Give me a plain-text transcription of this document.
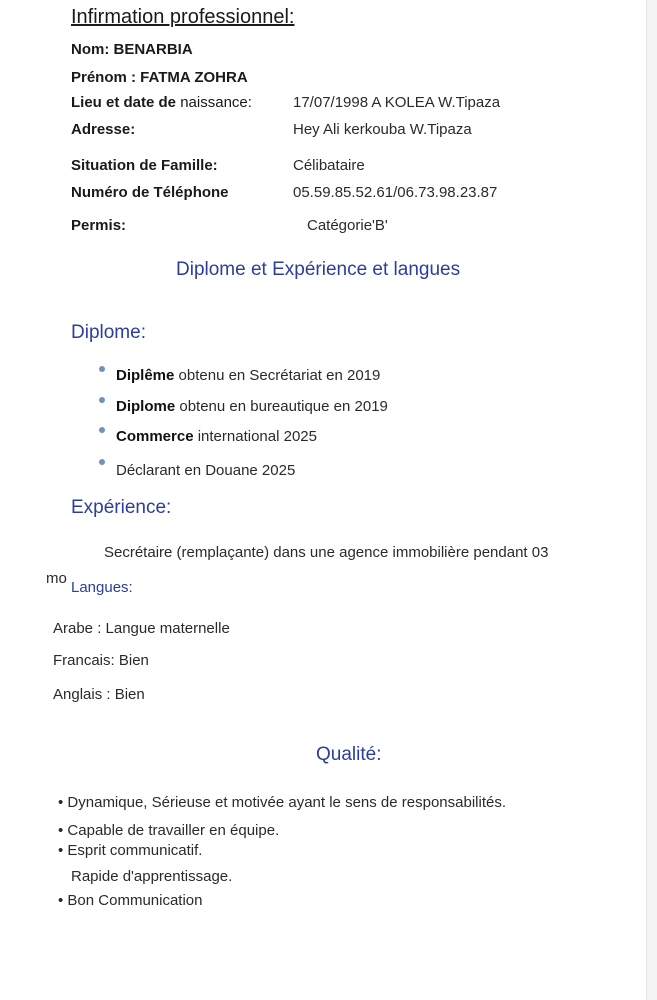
Infirmation professionnel:
Nom: BENARBIA
Prénom : FATMA ZOHRA
Lieu et date de naissance:	17/07/1998 A KOLEA W.Tipaza
Adresse:	Hey Ali kerkouba W.Tipaza
Situation de Famille:	Célibataire
Numéro de Téléphone	05.59.85.52.61/06.73.98.23.87
Permis:	Catégorie'B'
Diplome et Expérience et langues
Diplome:
Diplême obtenu en Secrétariat en 2019
Diplome obtenu en bureautique en 2019
Commerce international 2025
Déclarant en Douane 2025
Expérience:
Secrétaire (remplaçante) dans une agence immobilière pendant 03
mo
Langues:
Arabe : Langue maternelle
Francais: Bien
Anglais : Bien
Qualité:
• Dynamique, Sérieuse et motivée ayant le sens de responsabilités.
• Capable de travailler en équipe.
• Esprit communicatif.
Rapide d'apprentissage.
• Bon Communication
